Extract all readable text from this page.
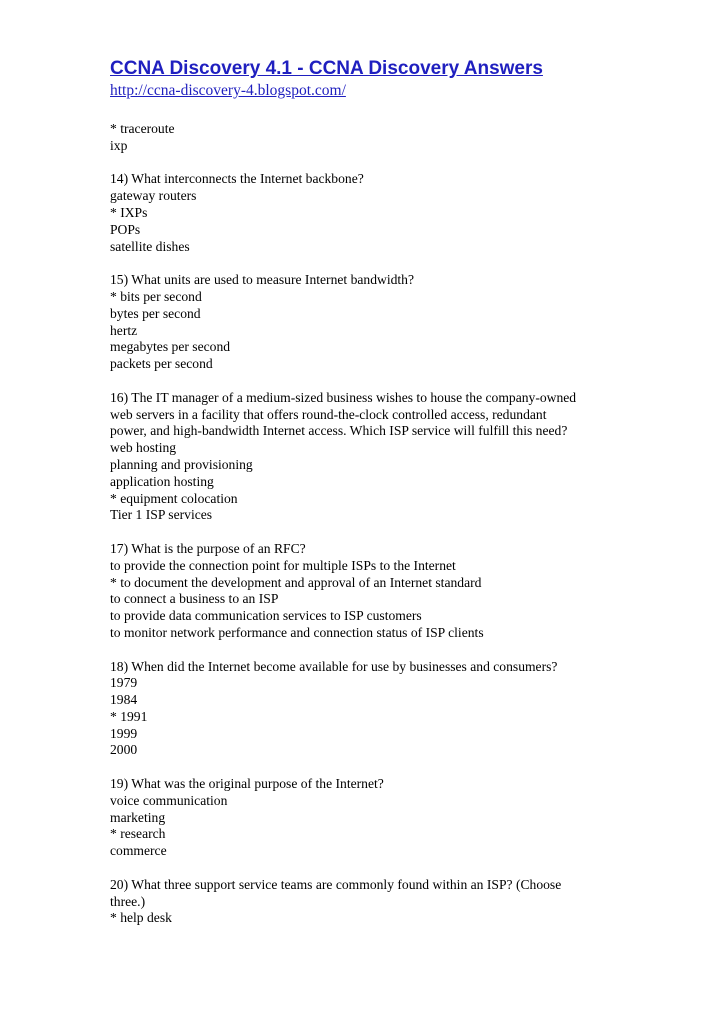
CCNA Discovery 4.1 - CCNA Discovery Answers
http://ccna-discovery-4.blogspot.com/
* traceroute
ixp
14) What interconnects the Internet backbone?
gateway routers
* IXPs
POPs
satellite dishes
15) What units are used to measure Internet bandwidth?
* bits per second
bytes per second
hertz
megabytes per second
packets per second
16) The IT manager of a medium-sized business wishes to house the company-owned
web servers in a facility that offers round-the-clock controlled access, redundant
power, and high-bandwidth Internet access. Which ISP service will fulfill this need?
web hosting
planning and provisioning
application hosting
* equipment colocation
Tier 1 ISP services
17) What is the purpose of an RFC?
to provide the connection point for multiple ISPs to the Internet
* to document the development and approval of an Internet standard
to connect a business to an ISP
to provide data communication services to ISP customers
to monitor network performance and connection status of ISP clients
18) When did the Internet become available for use by businesses and consumers?
1979
1984
* 1991
1999
2000
19) What was the original purpose of the Internet?
voice communication
marketing
* research
commerce
20) What three support service teams are commonly found within an ISP? (Choose
three.)
* help desk
